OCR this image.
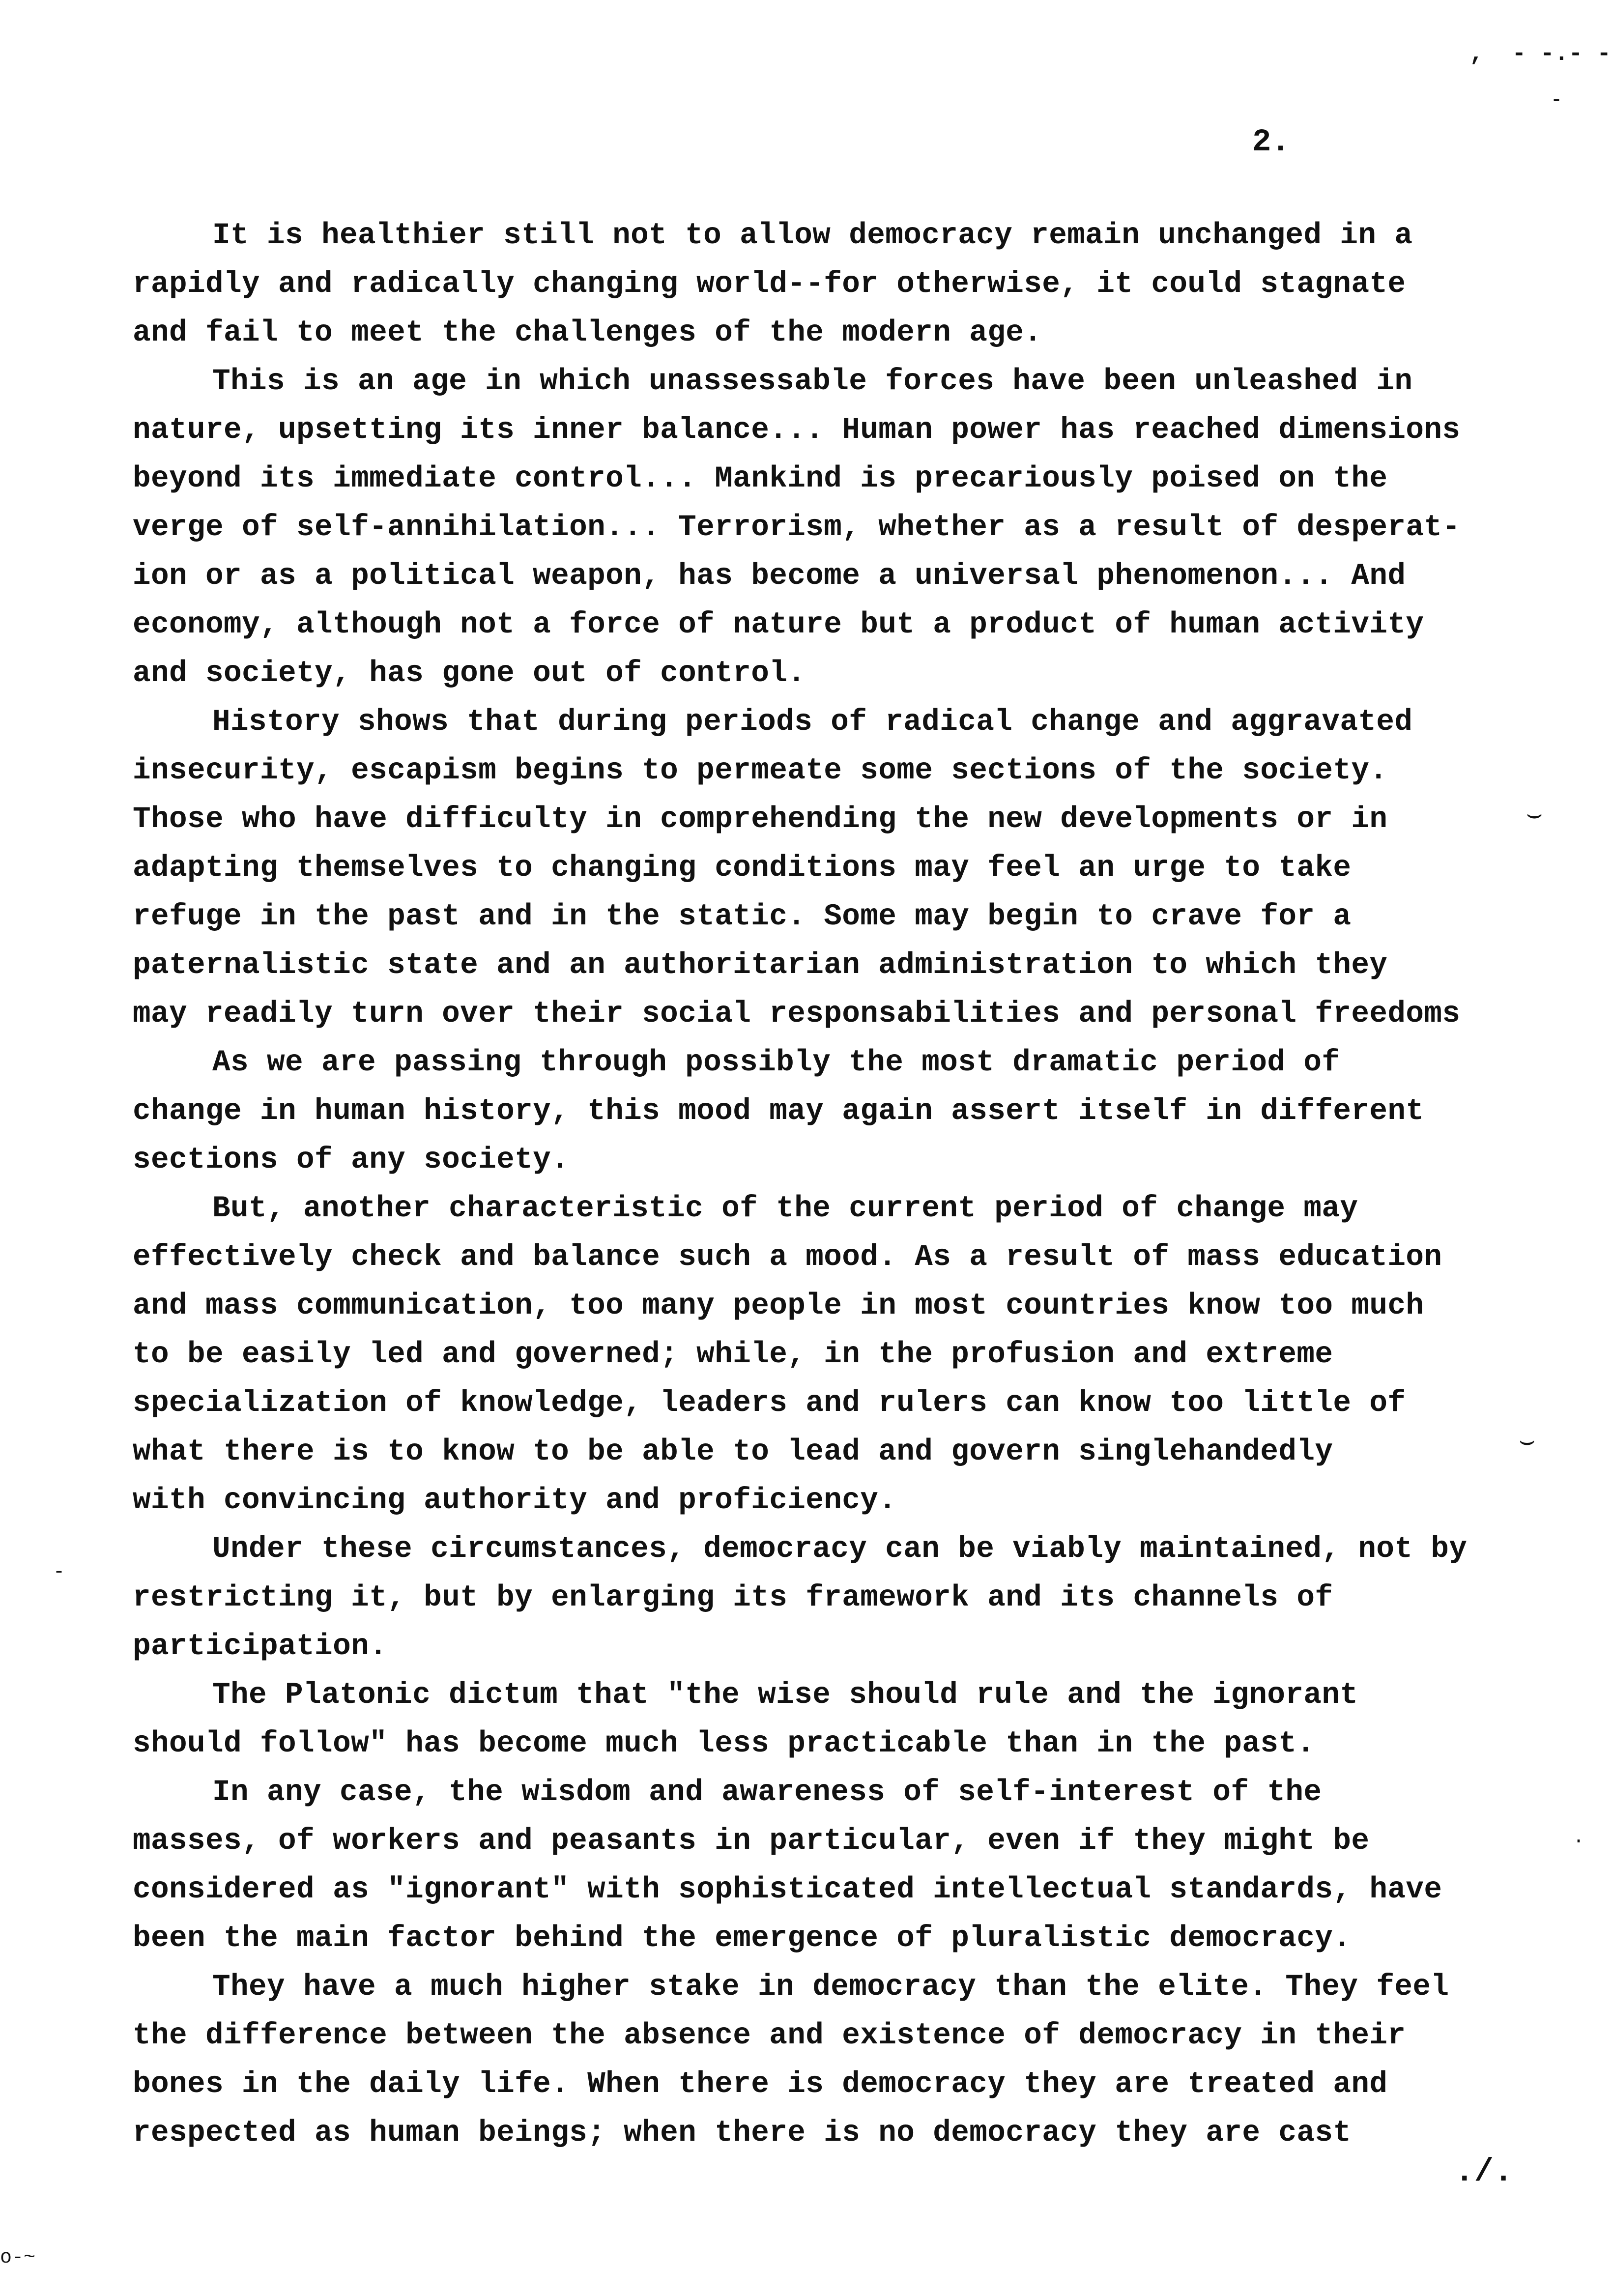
,  - -.- -
-
2.
It is healthier still not to allow democracy remain unchanged in a
rapidly and radically changing world--for otherwise, it could stagnate
and fail to meet the challenges of the modern age.
This is an age in which unassessable forces have been unleashed in
nature, upsetting its inner balance... Human power has reached dimensions
beyond its immediate control... Mankind is precariously poised on the
verge of self-annihilation... Terrorism, whether as a result of desperat-
ion or as a political weapon, has become a universal phenomenon... And
economy, although not a force of nature but a product of human activity
and society, has gone out of control.
History shows that during periods of radical change and aggravated
insecurity, escapism begins to permeate some sections of the society.
Those who have difficulty in comprehending the new developments or in
adapting themselves to changing conditions may feel an urge to take
refuge in the past and in the static. Some may begin to crave for a
paternalistic state and an authoritarian administration to which they
may readily turn over their social responsabilities and personal freedoms
As we are passing through possibly the most dramatic period of
change in human history, this mood may again assert itself in different
sections of any society.
But, another characteristic of the current period of change may
effectively check and balance such a mood. As a result of mass education
and mass communication, too many people in most countries know too much
to be easily led and governed; while, in the profusion and extreme
specialization of knowledge, leaders and rulers can know too little of
what there is to know to be able to lead and govern singlehandedly
with convincing authority and proficiency.
Under these circumstances, democracy can be viably maintained, not by
restricting it, but by enlarging its framework and its channels of
participation.
The Platonic dictum that "the wise should rule and the ignorant
should follow" has become much less practicable than in the past.
In any case, the wisdom and awareness of self-interest of the
masses, of workers and peasants in particular, even if they might be
considered as "ignorant" with sophisticated intellectual standards, have
been the main factor behind the emergence of pluralistic democracy.
They have a much higher stake in democracy than the elite. They feel
the difference between the absence and existence of democracy in their
bones in the daily life. When there is democracy they are treated and
respected as human beings; when there is no democracy they are cast
⌣
⌣
-
.
./.
o-~
